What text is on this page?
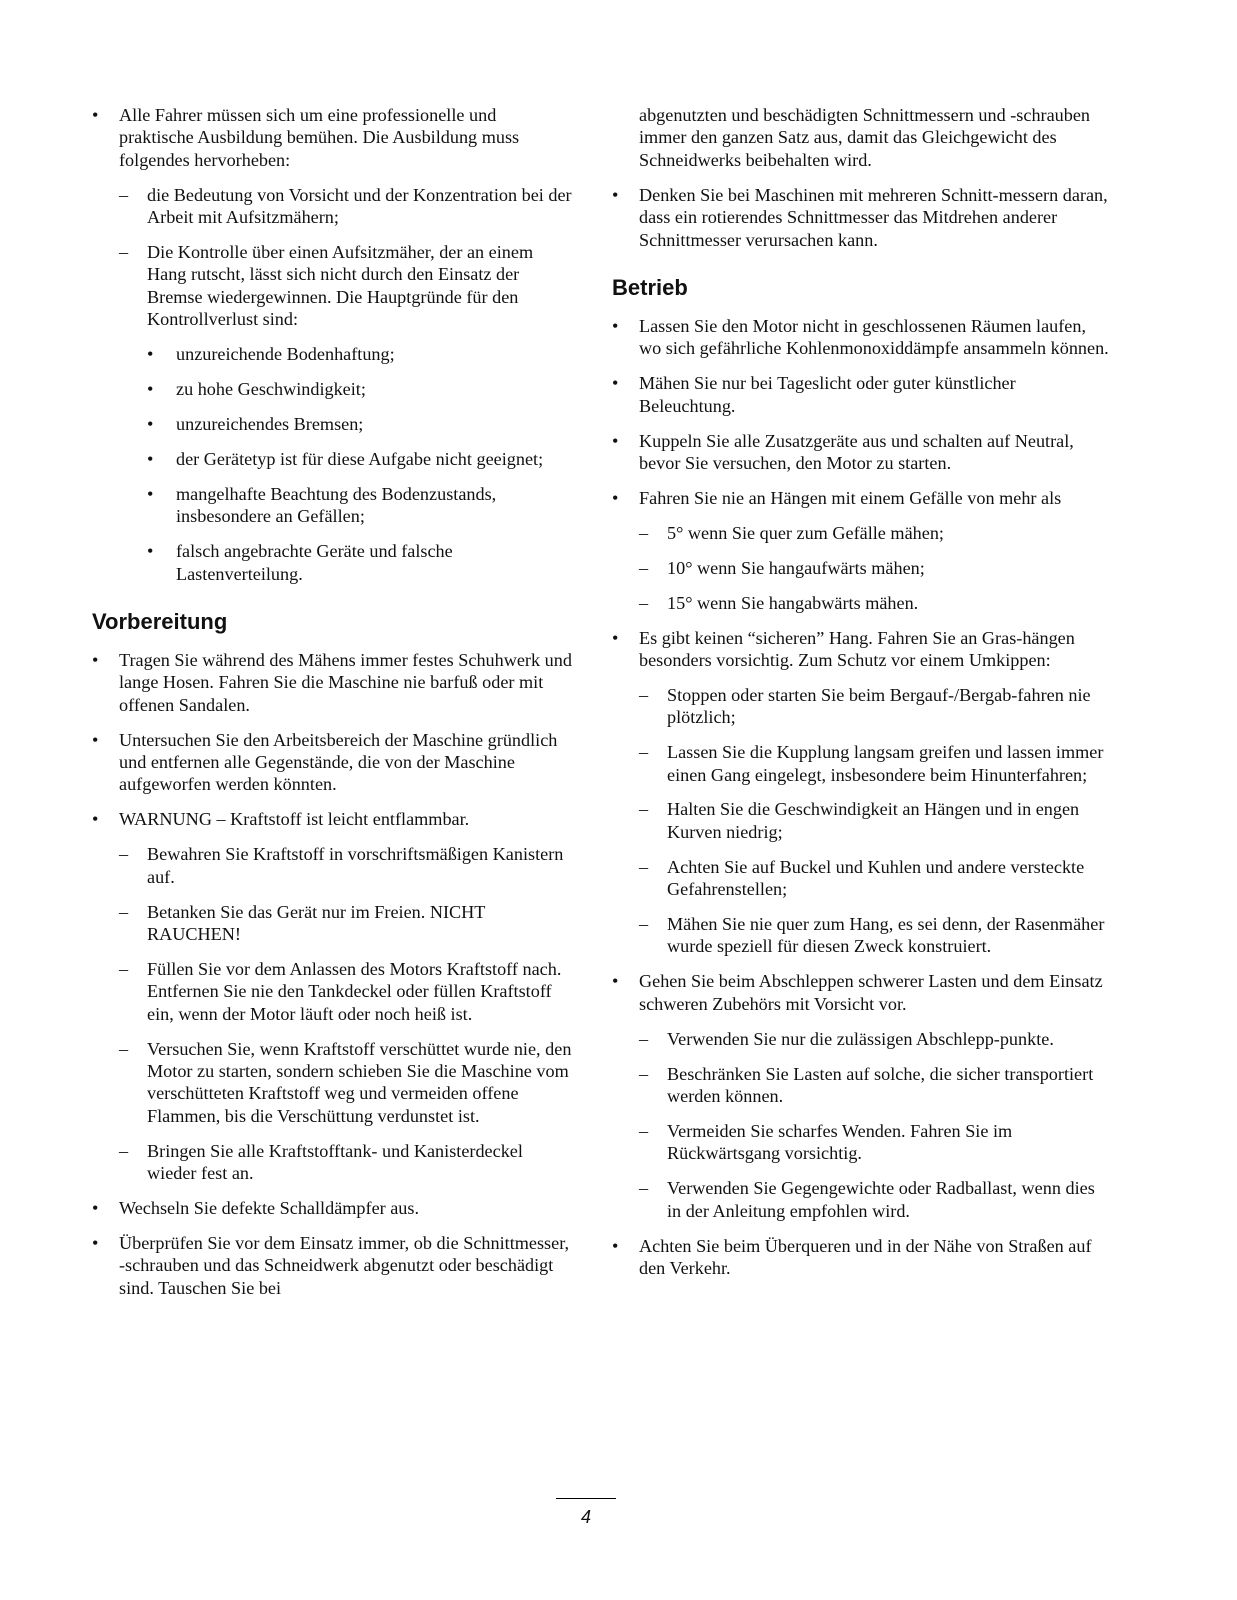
• Alle Fahrer müssen sich um eine professionelle und praktische Ausbildung bemühen. Die Ausbildung muss folgendes hervorheben:
– die Bedeutung von Vorsicht und der Konzentration bei der Arbeit mit Aufsitzmähern;
– Die Kontrolle über einen Aufsitzmäher, der an einem Hang rutscht, lässt sich nicht durch den Einsatz der Bremse wiedergewinnen. Die Hauptgründe für den Kontrollverlust sind:
• unzureichende Bodenhaftung;
• zu hohe Geschwindigkeit;
• unzureichendes Bremsen;
• der Gerätetyp ist für diese Aufgabe nicht geeignet;
• mangelhafte Beachtung des Bodenzustands, insbesondere an Gefällen;
• falsch angebrachte Geräte und falsche Lastenverteilung.
Vorbereitung
• Tragen Sie während des Mähens immer festes Schuhwerk und lange Hosen. Fahren Sie die Maschine nie barfuß oder mit offenen Sandalen.
• Untersuchen Sie den Arbeitsbereich der Maschine gründlich und entfernen alle Gegenstände, die von der Maschine aufgeworfen werden könnten.
• WARNUNG – Kraftstoff ist leicht entflammbar.
– Bewahren Sie Kraftstoff in vorschriftsmäßigen Kanistern auf.
– Betanken Sie das Gerät nur im Freien. NICHT RAUCHEN!
– Füllen Sie vor dem Anlassen des Motors Kraftstoff nach. Entfernen Sie nie den Tankdeckel oder füllen Kraftstoff ein, wenn der Motor läuft oder noch heiß ist.
– Versuchen Sie, wenn Kraftstoff verschüttet wurde nie, den Motor zu starten, sondern schieben Sie die Maschine vom verschütteten Kraftstoff weg und vermeiden offene Flammen, bis die Verschüttung verdunstet ist.
– Bringen Sie alle Kraftstofftank- und Kanisterdeckel wieder fest an.
• Wechseln Sie defekte Schalldämpfer aus.
• Überprüfen Sie vor dem Einsatz immer, ob die Schnittmesser, -schrauben und das Schneidwerk abgenutzt oder beschädigt sind. Tauschen Sie bei
abgenutzten und beschädigten Schnittmessern und -schrauben immer den ganzen Satz aus, damit das Gleichgewicht des Schneidwerks beibehalten wird.
• Denken Sie bei Maschinen mit mehreren Schnitt-messern daran, dass ein rotierendes Schnittmesser das Mitdrehen anderer Schnittmesser verursachen kann.
Betrieb
• Lassen Sie den Motor nicht in geschlossenen Räumen laufen, wo sich gefährliche Kohlenmonoxiddämpfe ansammeln können.
• Mähen Sie nur bei Tageslicht oder guter künstlicher Beleuchtung.
• Kuppeln Sie alle Zusatzgeräte aus und schalten auf Neutral, bevor Sie versuchen, den Motor zu starten.
• Fahren Sie nie an Hängen mit einem Gefälle von mehr als
– 5° wenn Sie quer zum Gefälle mähen;
– 10° wenn Sie hangaufwärts mähen;
– 15° wenn Sie hangabwärts mähen.
• Es gibt keinen “sicheren” Hang. Fahren Sie an Gras-hängen besonders vorsichtig. Zum Schutz vor einem Umkippen:
– Stoppen oder starten Sie beim Bergauf-/Bergab-fahren nie plötzlich;
– Lassen Sie die Kupplung langsam greifen und lassen immer einen Gang eingelegt, insbesondere beim Hinunterfahren;
– Halten Sie die Geschwindigkeit an Hängen und in engen Kurven niedrig;
– Achten Sie auf Buckel und Kuhlen und andere versteckte Gefahrenstellen;
– Mähen Sie nie quer zum Hang, es sei denn, der Rasenmäher wurde speziell für diesen Zweck konstruiert.
• Gehen Sie beim Abschleppen schwerer Lasten und dem Einsatz schweren Zubehörs mit Vorsicht vor.
– Verwenden Sie nur die zulässigen Abschlepp-punkte.
– Beschränken Sie Lasten auf solche, die sicher transportiert werden können.
– Vermeiden Sie scharfes Wenden. Fahren Sie im Rückwärtsgang vorsichtig.
– Verwenden Sie Gegengewichte oder Radballast, wenn dies in der Anleitung empfohlen wird.
• Achten Sie beim Überqueren und in der Nähe von Straßen auf den Verkehr.
4
